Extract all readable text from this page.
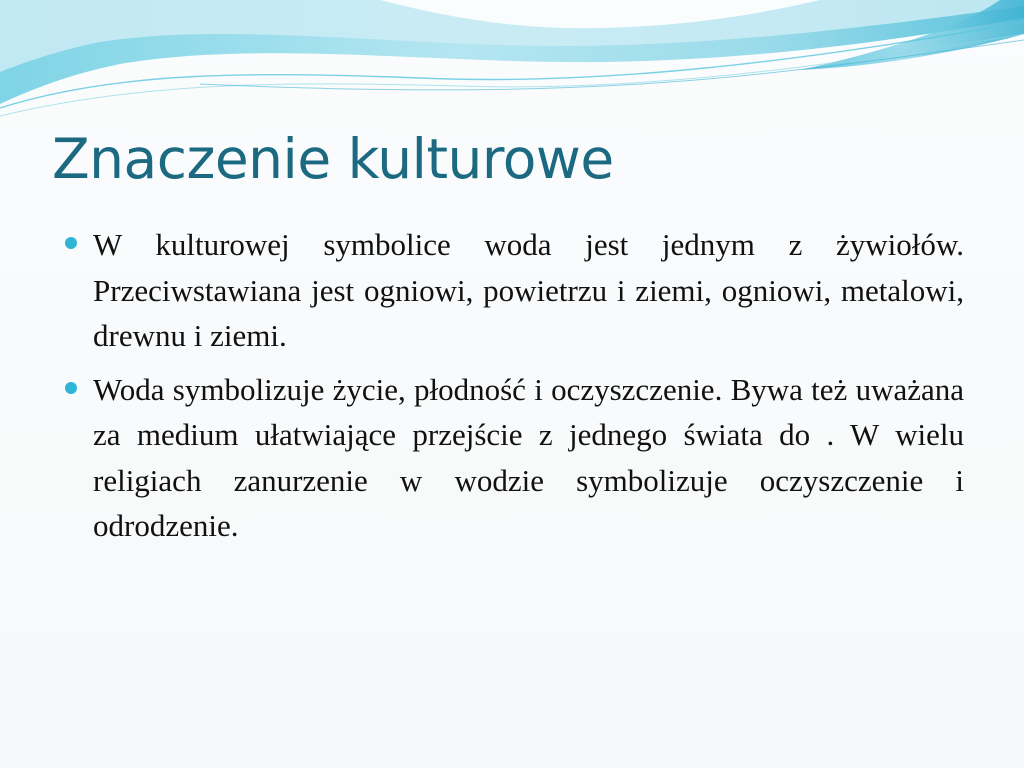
Znaczenie kulturowe
W kulturowej symbolice woda jest jednym z żywiołów. Przeciwstawiana jest ogniowi, powietrzu i ziemi, ogniowi, metalowi, drewnu i ziemi.
Woda symbolizuje życie, płodność i oczyszczenie. Bywa też uważana za medium ułatwiające przejście z jednego świata do . W wielu religiach zanurzenie w wodzie symbolizuje oczyszczenie i odrodzenie.
